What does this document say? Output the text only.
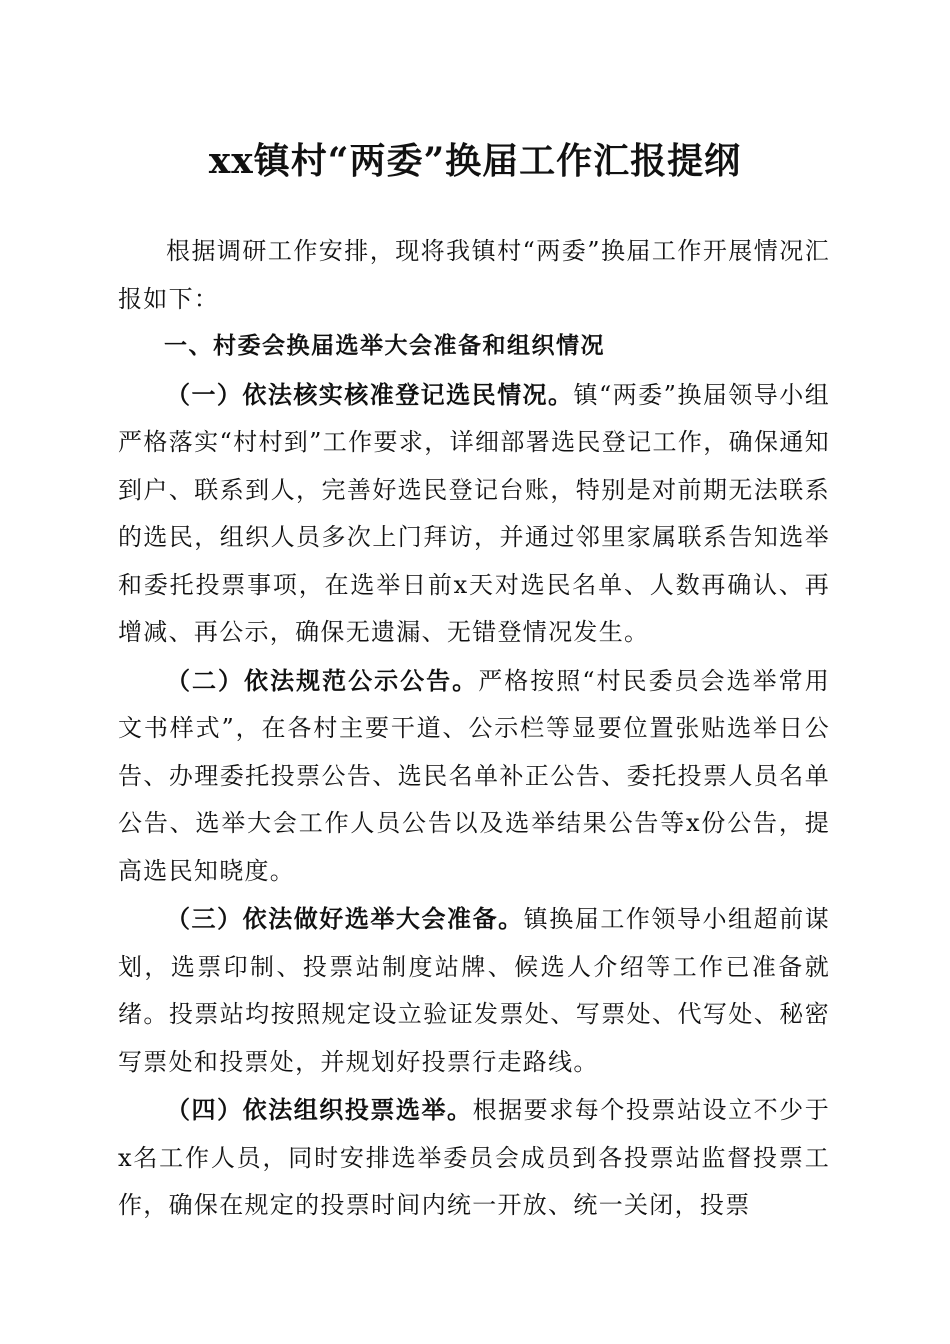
xx镇村“两委”换届工作汇报提纲

根据调研工作安排，现将我镇村“两委”换届工作开展情况汇报如下：

一、村委会换届选举大会准备和组织情况

（一）依法核实核准登记选民情况。镇“两委”换届领导小组严格落实“村村到”工作要求，详细部署选民登记工作，确保通知到户、联系到人，完善好选民登记台账，特别是对前期无法联系的选民，组织人员多次上门拜访，并通过邻里家属联系告知选举和委托投票事项，在选举日前x天对选民名单、人数再确认、再增减、再公示，确保无遗漏、无错登情况发生。

（二）依法规范公示公告。严格按照“村民委员会选举常用文书样式”，在各村主要干道、公示栏等显要位置张贴选举日公告、办理委托投票公告、选民名单补正公告、委托投票人员名单公告、选举大会工作人员公告以及选举结果公告等x份公告，提高选民知晓度。

（三）依法做好选举大会准备。镇换届工作领导小组超前谋划，选票印制、投票站制度站牌、候选人介绍等工作已准备就绪。投票站均按照规定设立验证发票处、写票处、代写处、秘密写票处和投票处，并规划好投票行走路线。

（四）依法组织投票选举。根据要求每个投票站设立不少于x名工作人员，同时安排选举委员会成员到各投票站监督投票工作，确保在规定的投票时间内统一开放、统一关闭，投票
